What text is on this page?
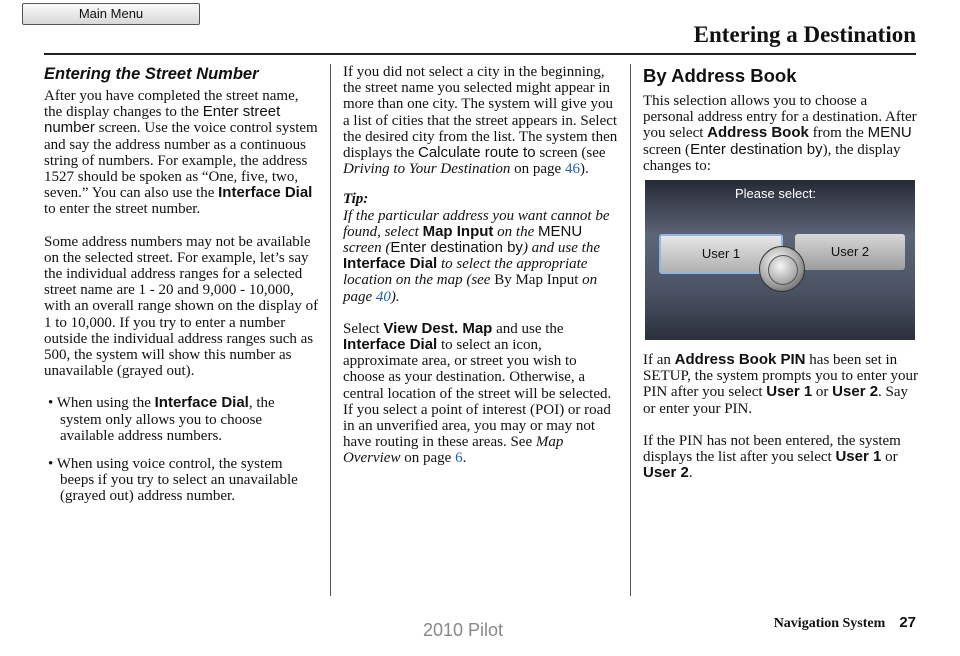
Main Menu
Entering a Destination
Entering the Street Number

After you have completed the street name, the display changes to the Enter street number screen. Use the voice control system and say the address number as a continuous string of numbers. For example, the address 1527 should be spoken as “One, five, two, seven.” You can also use the Interface Dial to enter the street number.

Some address numbers may not be available on the selected street. For example, let’s say the individual address ranges for a selected street name are 1 - 20 and 9,000 - 10,000, with an overall range shown on the display of 1 to 10,000. If you try to enter a number outside the individual address ranges such as 500, the system will show this number as unavailable (grayed out).

• When using the Interface Dial, the system only allows you to choose available address numbers.

• When using voice control, the system beeps if you try to select an unavailable (grayed out) address number.

If you did not select a city in the beginning, the street name you selected might appear in more than one city. The system will give you a list of cities that the street appears in. Select the desired city from the list. The system then displays the Calculate route to screen (see Driving to Your Destination on page 46).

Tip:

If the particular address you want cannot be found, select Map Input on the MENU screen (Enter destination by) and use the Interface Dial to select the appropriate location on the map (see By Map Input on page 40).

Select View Dest. Map and use the Interface Dial to select an icon, approximate area, or street you wish to choose as your destination. Otherwise, a central location of the street will be selected. If you select a point of interest (POI) or road in an unverified area, you may or may not have routing in these areas. See Map Overview on page 6.

By Address Book

This selection allows you to choose a personal address entry for a destination. After you select Address Book from the MENU screen (Enter destination by), the display changes to:

Please select:
User 1	User 2

If an Address Book PIN has been set in SETUP, the system prompts you to enter your PIN after you select User 1 or User 2. Say or enter your PIN.

If the PIN has not been entered, the system displays the list after you select User 1 or User 2.

Navigation System 27
2010 Pilot
